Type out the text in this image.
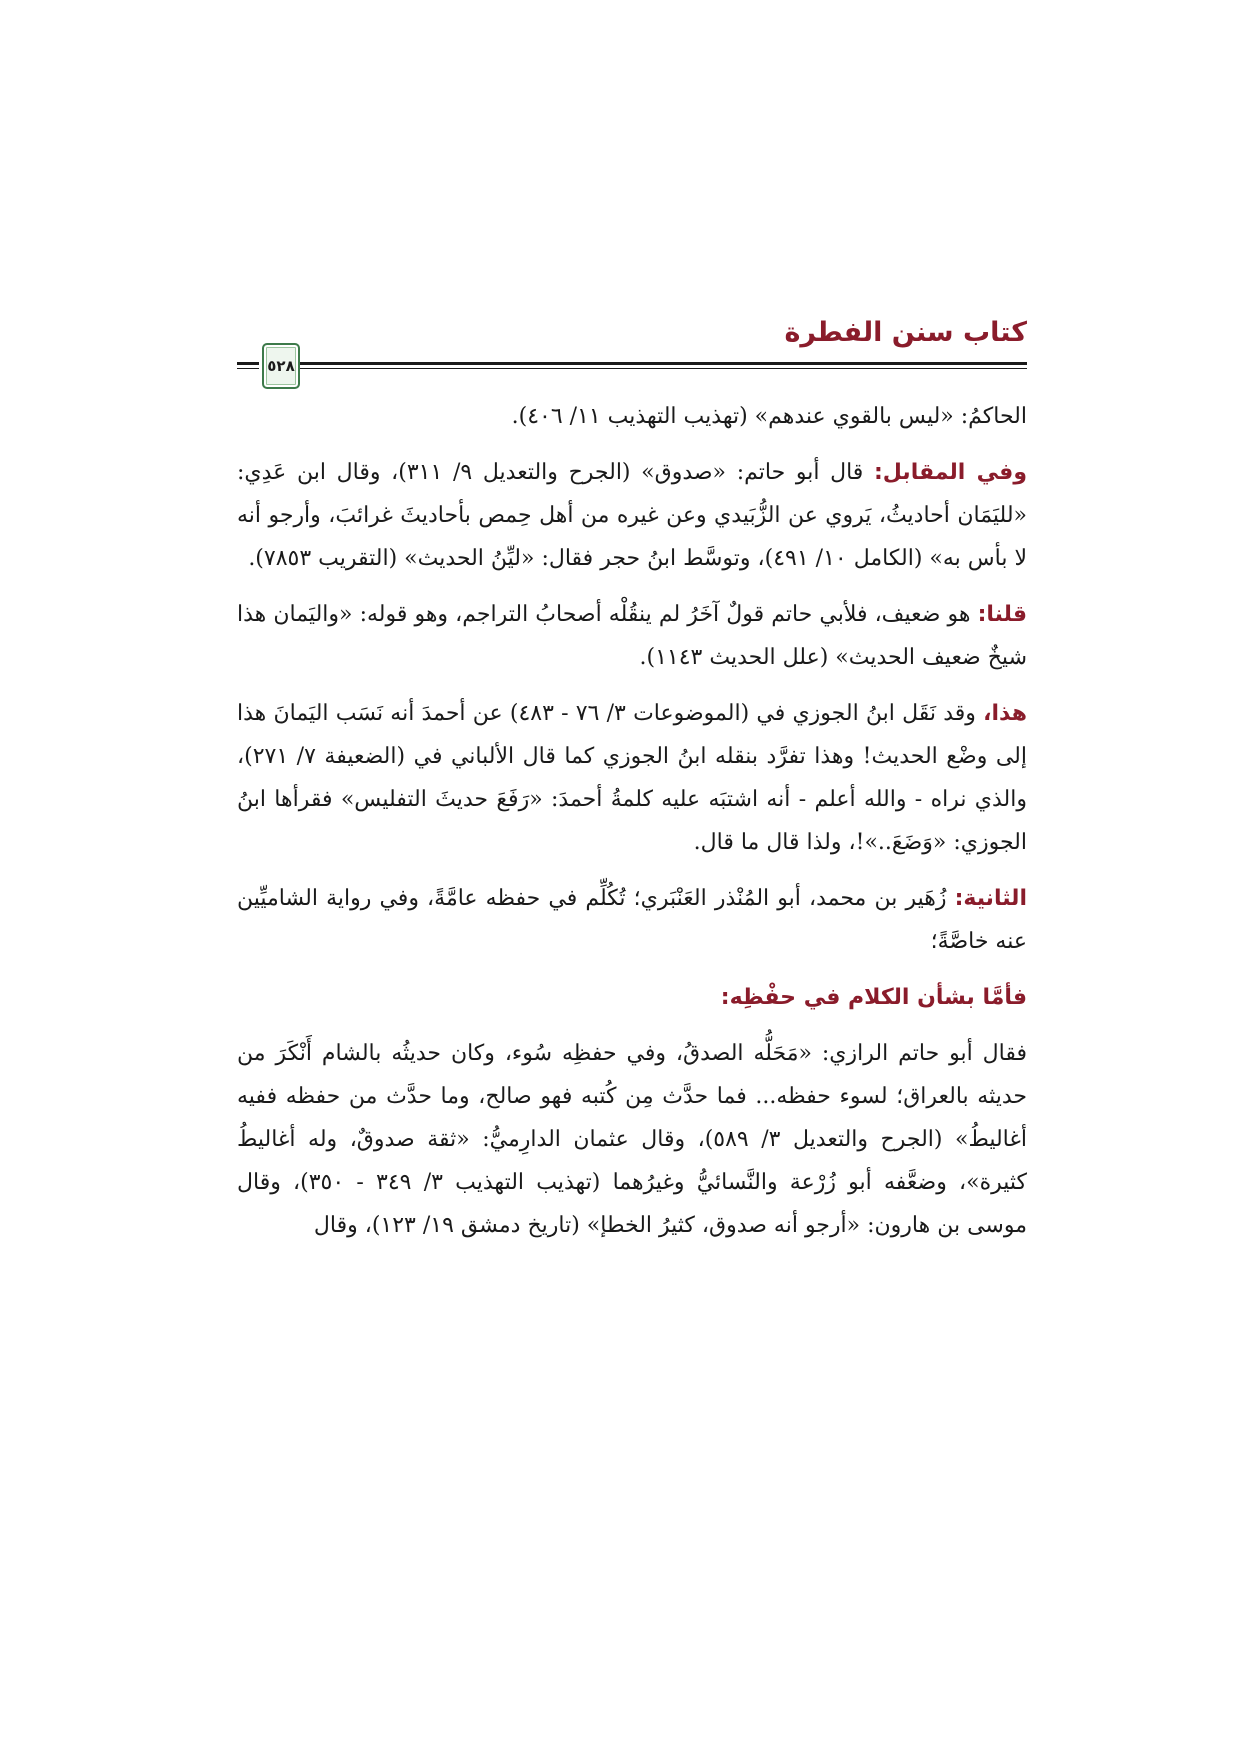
كتاب سنن الفطرة
٥٢٨

الحاكمُ: «ليس بالقوي عندهم» (تهذيب التهذيب ١١/ ٤٠٦).

وفي المقابل: قال أبو حاتم: «صدوق» (الجرح والتعديل ٩/ ٣١١)، وقال ابن عَدِي: «لليَمَان أحاديثُ، يَروي عن الزُّبَيدي وعن غيره من أهل حِمص بأحاديثَ غرائبَ، وأرجو أنه لا بأس به» (الكامل ١٠/ ٤٩١)، وتوسَّط ابنُ حجر فقال: «ليِّنُ الحديث» (التقريب ٧٨٥٣).

قلنا: هو ضعيف، فلأبي حاتم قولٌ آخَرُ لم ينقُلْه أصحابُ التراجم، وهو قوله: «واليَمان هذا شيخٌ ضعيف الحديث» (علل الحديث ١١٤٣).

هذا، وقد نَقَل ابنُ الجوزي في (الموضوعات ٣/ ٧٦ - ٤٨٣) عن أحمدَ أنه نَسَب اليَمانَ هذا إلى وضْع الحديث! وهذا تفرَّد بنقله ابنُ الجوزي كما قال الألباني في (الضعيفة ٧/ ٢٧١)، والذي نراه - والله أعلم - أنه اشتبَه عليه كلمةُ أحمدَ: «رَفَعَ حديثَ التفليس» فقرأها ابنُ الجوزي: «وَضَعَ..»!، ولذا قال ما قال.

الثانية: زُهَير بن محمد، أبو المُنْذر العَنْبَري؛ تُكُلِّم في حفظه عامَّةً، وفي رواية الشاميِّين عنه خاصَّةً؛

فأمَّا بشأن الكلام في حفْظِه:

فقال أبو حاتم الرازي: «مَحَلُّه الصدقُ، وفي حفظِه سُوء، وكان حديثُه بالشام أَنْكَرَ من حديثه بالعراق؛ لسوء حفظه... فما حدَّث مِن كُتبه فهو صالح، وما حدَّث من حفظه ففيه أغاليطُ» (الجرح والتعديل ٣/ ٥٨٩)، وقال عثمان الدارِميُّ: «ثقة صدوقٌ، وله أغاليطُ كثيرة»، وضعَّفه أبو زُرْعة والنَّسائيُّ وغيرُهما (تهذيب التهذيب ٣/ ٣٤٩ - ٣٥٠)، وقال موسى بن هارون: «أرجو أنه صدوق، كثيرُ الخطإ» (تاريخ دمشق ١٩/ ١٢٣)، وقال
